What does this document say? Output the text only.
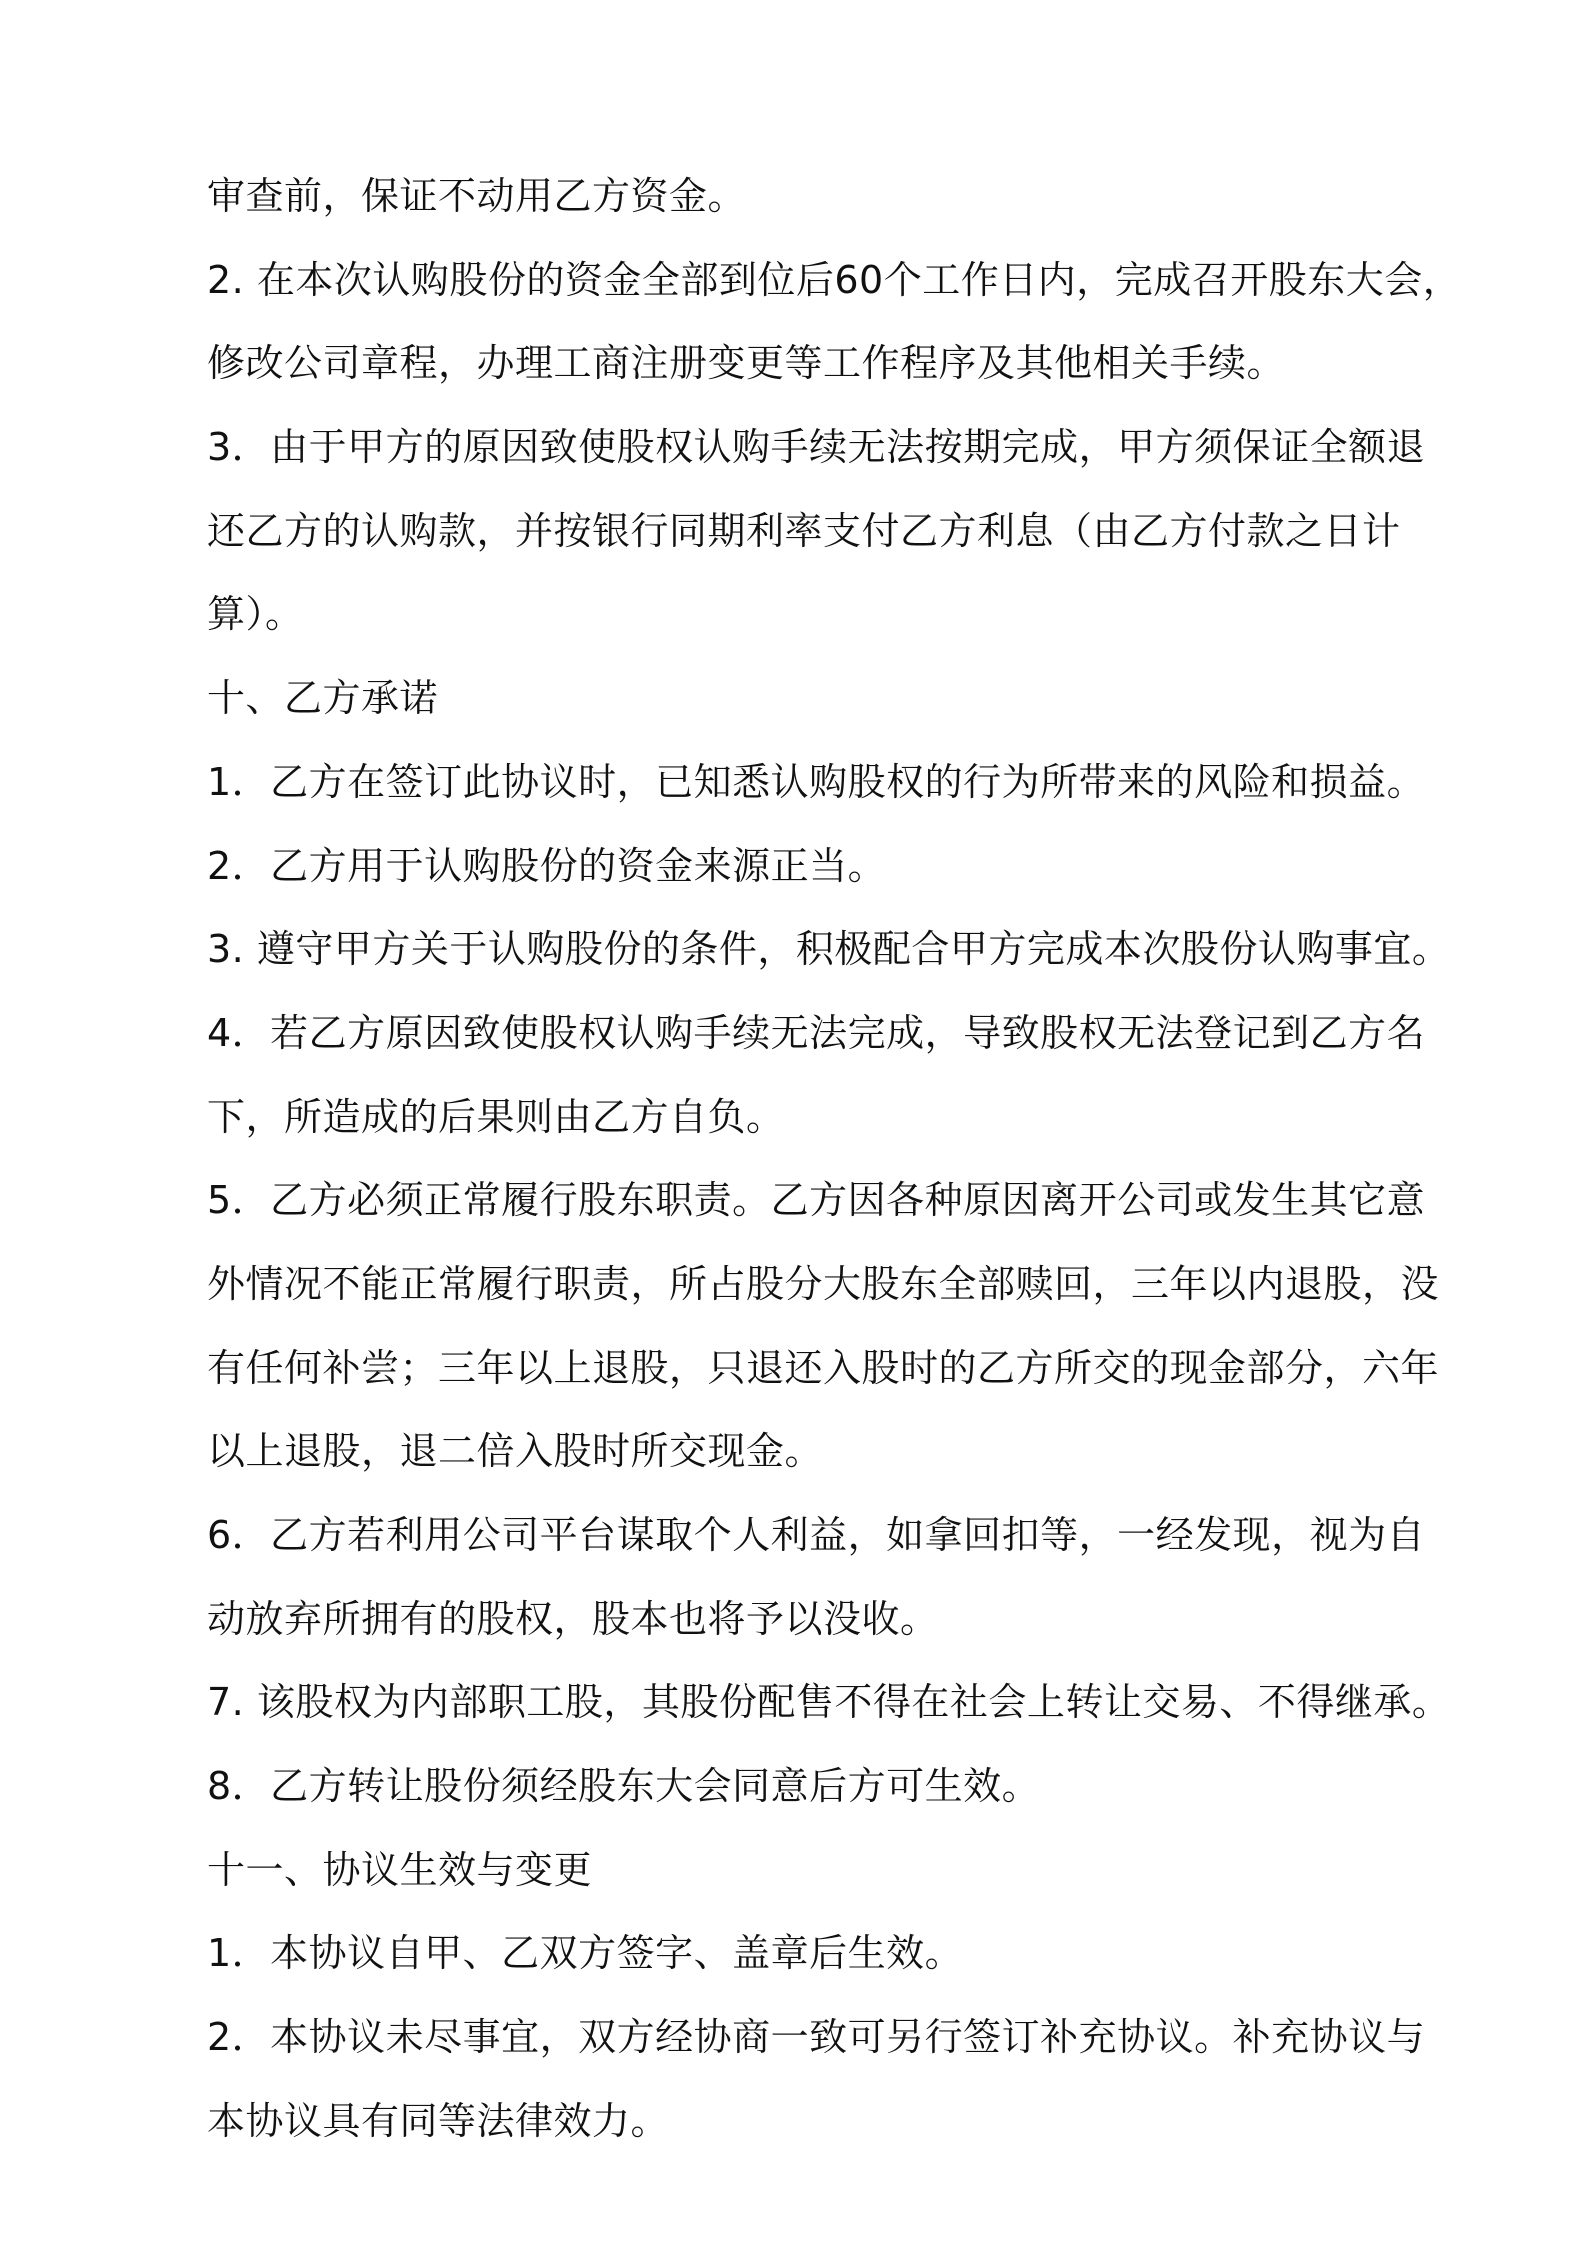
审查前，保证不动用乙方资金。
2. 在本次认购股份的资金全部到位后60个工作日内，完成召开股东大会，
修改公司章程，办理工商注册变更等工作程序及其他相关手续。
3．由于甲方的原因致使股权认购手续无法按期完成，甲方须保证全额退
还乙方的认购款，并按银行同期利率支付乙方利息（由乙方付款之日计
算）。
十、乙方承诺
1．乙方在签订此协议时，已知悉认购股权的行为所带来的风险和损益。
2．乙方用于认购股份的资金来源正当。
3. 遵守甲方关于认购股份的条件，积极配合甲方完成本次股份认购事宜。
4．若乙方原因致使股权认购手续无法完成，导致股权无法登记到乙方名
下，所造成的后果则由乙方自负。
5．乙方必须正常履行股东职责。乙方因各种原因离开公司或发生其它意
外情况不能正常履行职责，所占股分大股东全部赎回，三年以内退股，没
有任何补尝；三年以上退股，只退还入股时的乙方所交的现金部分，六年
以上退股，退二倍入股时所交现金。
6．乙方若利用公司平台谋取个人利益，如拿回扣等，一经发现，视为自
动放弃所拥有的股权，股本也将予以没收。
7. 该股权为内部职工股，其股份配售不得在社会上转让交易、不得继承。
8．乙方转让股份须经股东大会同意后方可生效。
十一、协议生效与变更
1．本协议自甲、乙双方签字、盖章后生效。
2．本协议未尽事宜，双方经协商一致可另行签订补充协议。补充协议与
本协议具有同等法律效力。
